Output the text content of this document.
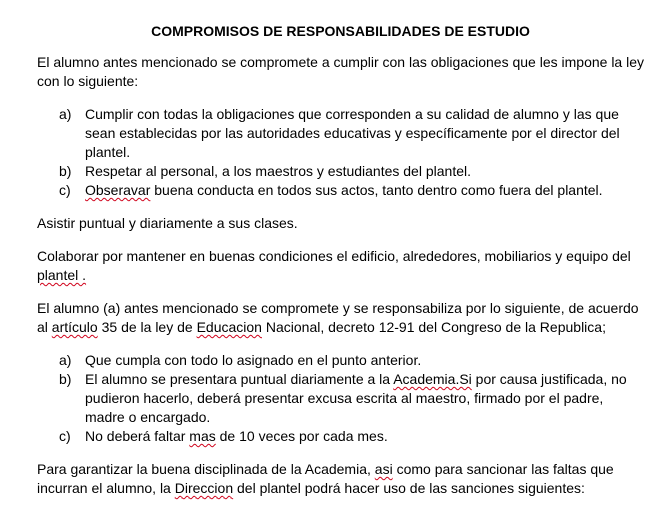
COMPROMISOS DE RESPONSABILIDADES DE ESTUDIO

El alumno antes mencionado se compromete a cumplir con las obligaciones que les impone la ley con lo siguiente:

a) Cumplir con todas la obligaciones que corresponden a su calidad de alumno y las que sean establecidas por las autoridades educativas y específicamente por el director del plantel.
b) Respetar al personal, a los maestros y estudiantes del plantel.
c) Obseravar buena conducta en todos sus actos, tanto dentro como fuera del plantel.

Asistir puntual y diariamente a sus clases.

Colaborar por mantener en buenas condiciones el edificio, alrededores, mobiliarios y equipo del plantel .

El alumno (a) antes mencionado se compromete y se responsabiliza por lo siguiente, de acuerdo al artículo 35 de la ley de Educacion Nacional, decreto 12-91 del Congreso de la Republica;

a) Que cumpla con todo lo asignado en el punto anterior.
b) El alumno se presentara puntual diariamente a la Academia.Si por causa justificada, no pudieron hacerlo, deberá presentar excusa escrita al maestro, firmado por el padre, madre o encargado.
c) No deberá faltar mas de 10 veces por cada mes.

Para garantizar la buena disciplinada de la Academia, asi como para sancionar las faltas que incurran el alumno, la Direccion del plantel podrá hacer uso de las sanciones siguientes:
